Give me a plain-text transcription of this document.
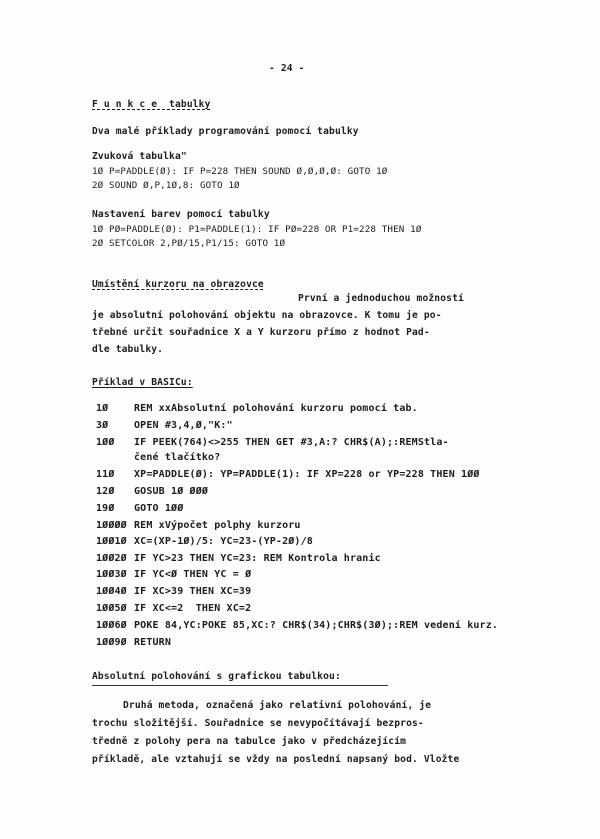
- 24 -
F u n k c e  tabulky
Dva malé příklady programování pomocí tabulky
Zvuková tabulka"
1Ø P=PADDLE(Ø): IF P=228 THEN SOUND Ø,Ø,Ø,Ø: GOTO 1Ø
2Ø SOUND Ø,P,1Ø,8: GOTO 1Ø
Nastavení barev pomocí tabulky
1Ø PØ=PADDLE(Ø): P1=PADDLE(1): IF PØ=228 OR P1=228 THEN 1Ø
2Ø SETCOLOR 2,PØ/15,P1/15: GOTO 1Ø
Umístění kurzoru na obrazovce
První a jednoduchou možností
je absolutní polohování objektu na obrazovce. K tomu je po-
třebné určit souřadnice X a Y kurzoru přímo z hodnot Pad-
dle tabulky.
Příklad v BASICu:
1Ø	REM xxAbsolutní polohování kurzoru pomocí tab.
3Ø	OPEN #3,4,Ø,"K:"
1ØØ IF PEEK(764)<>255 THEN GET #3,A:? CHR$(A);:REMStla-
čené tlačítko?
11Ø XP=PADDLE(Ø): YP=PADDLE(1): IF XP=228 or YP=228 THEN 1ØØ
12Ø GOSUB 1Ø ØØØ
19Ø GOTO 1ØØ
1ØØØØ REM xVýpočet polphy kurzoru
1ØØ1Ø XC=(XP-1Ø)/5: YC=23-(YP-2Ø)/8
1ØØ2Ø IF YC>23 THEN YC=23: REM Kontrola hranic
1ØØ3Ø IF YC<Ø THEN YC = Ø
1ØØ4Ø IF XC>39 THEN XC=39
1ØØ5Ø IF XC<=2  THEN XC=2
1ØØ6Ø POKE 84,YC:POKE 85,XC:? CHR$(34);CHR$(3Ø);:REM vedení kurz.
1ØØ9Ø RETURN
Absolutní polohování s grafickou tabulkou:
Druhá metoda, označená jako relativní polohování, je
trochu složitější. Souřadnice se nevypočítávají bezpros-
tředně z polohy pera na tabulce jako v předcházejícím
příkladě, ale vztahují se vždy na poslední napsaný bod. Vložte
